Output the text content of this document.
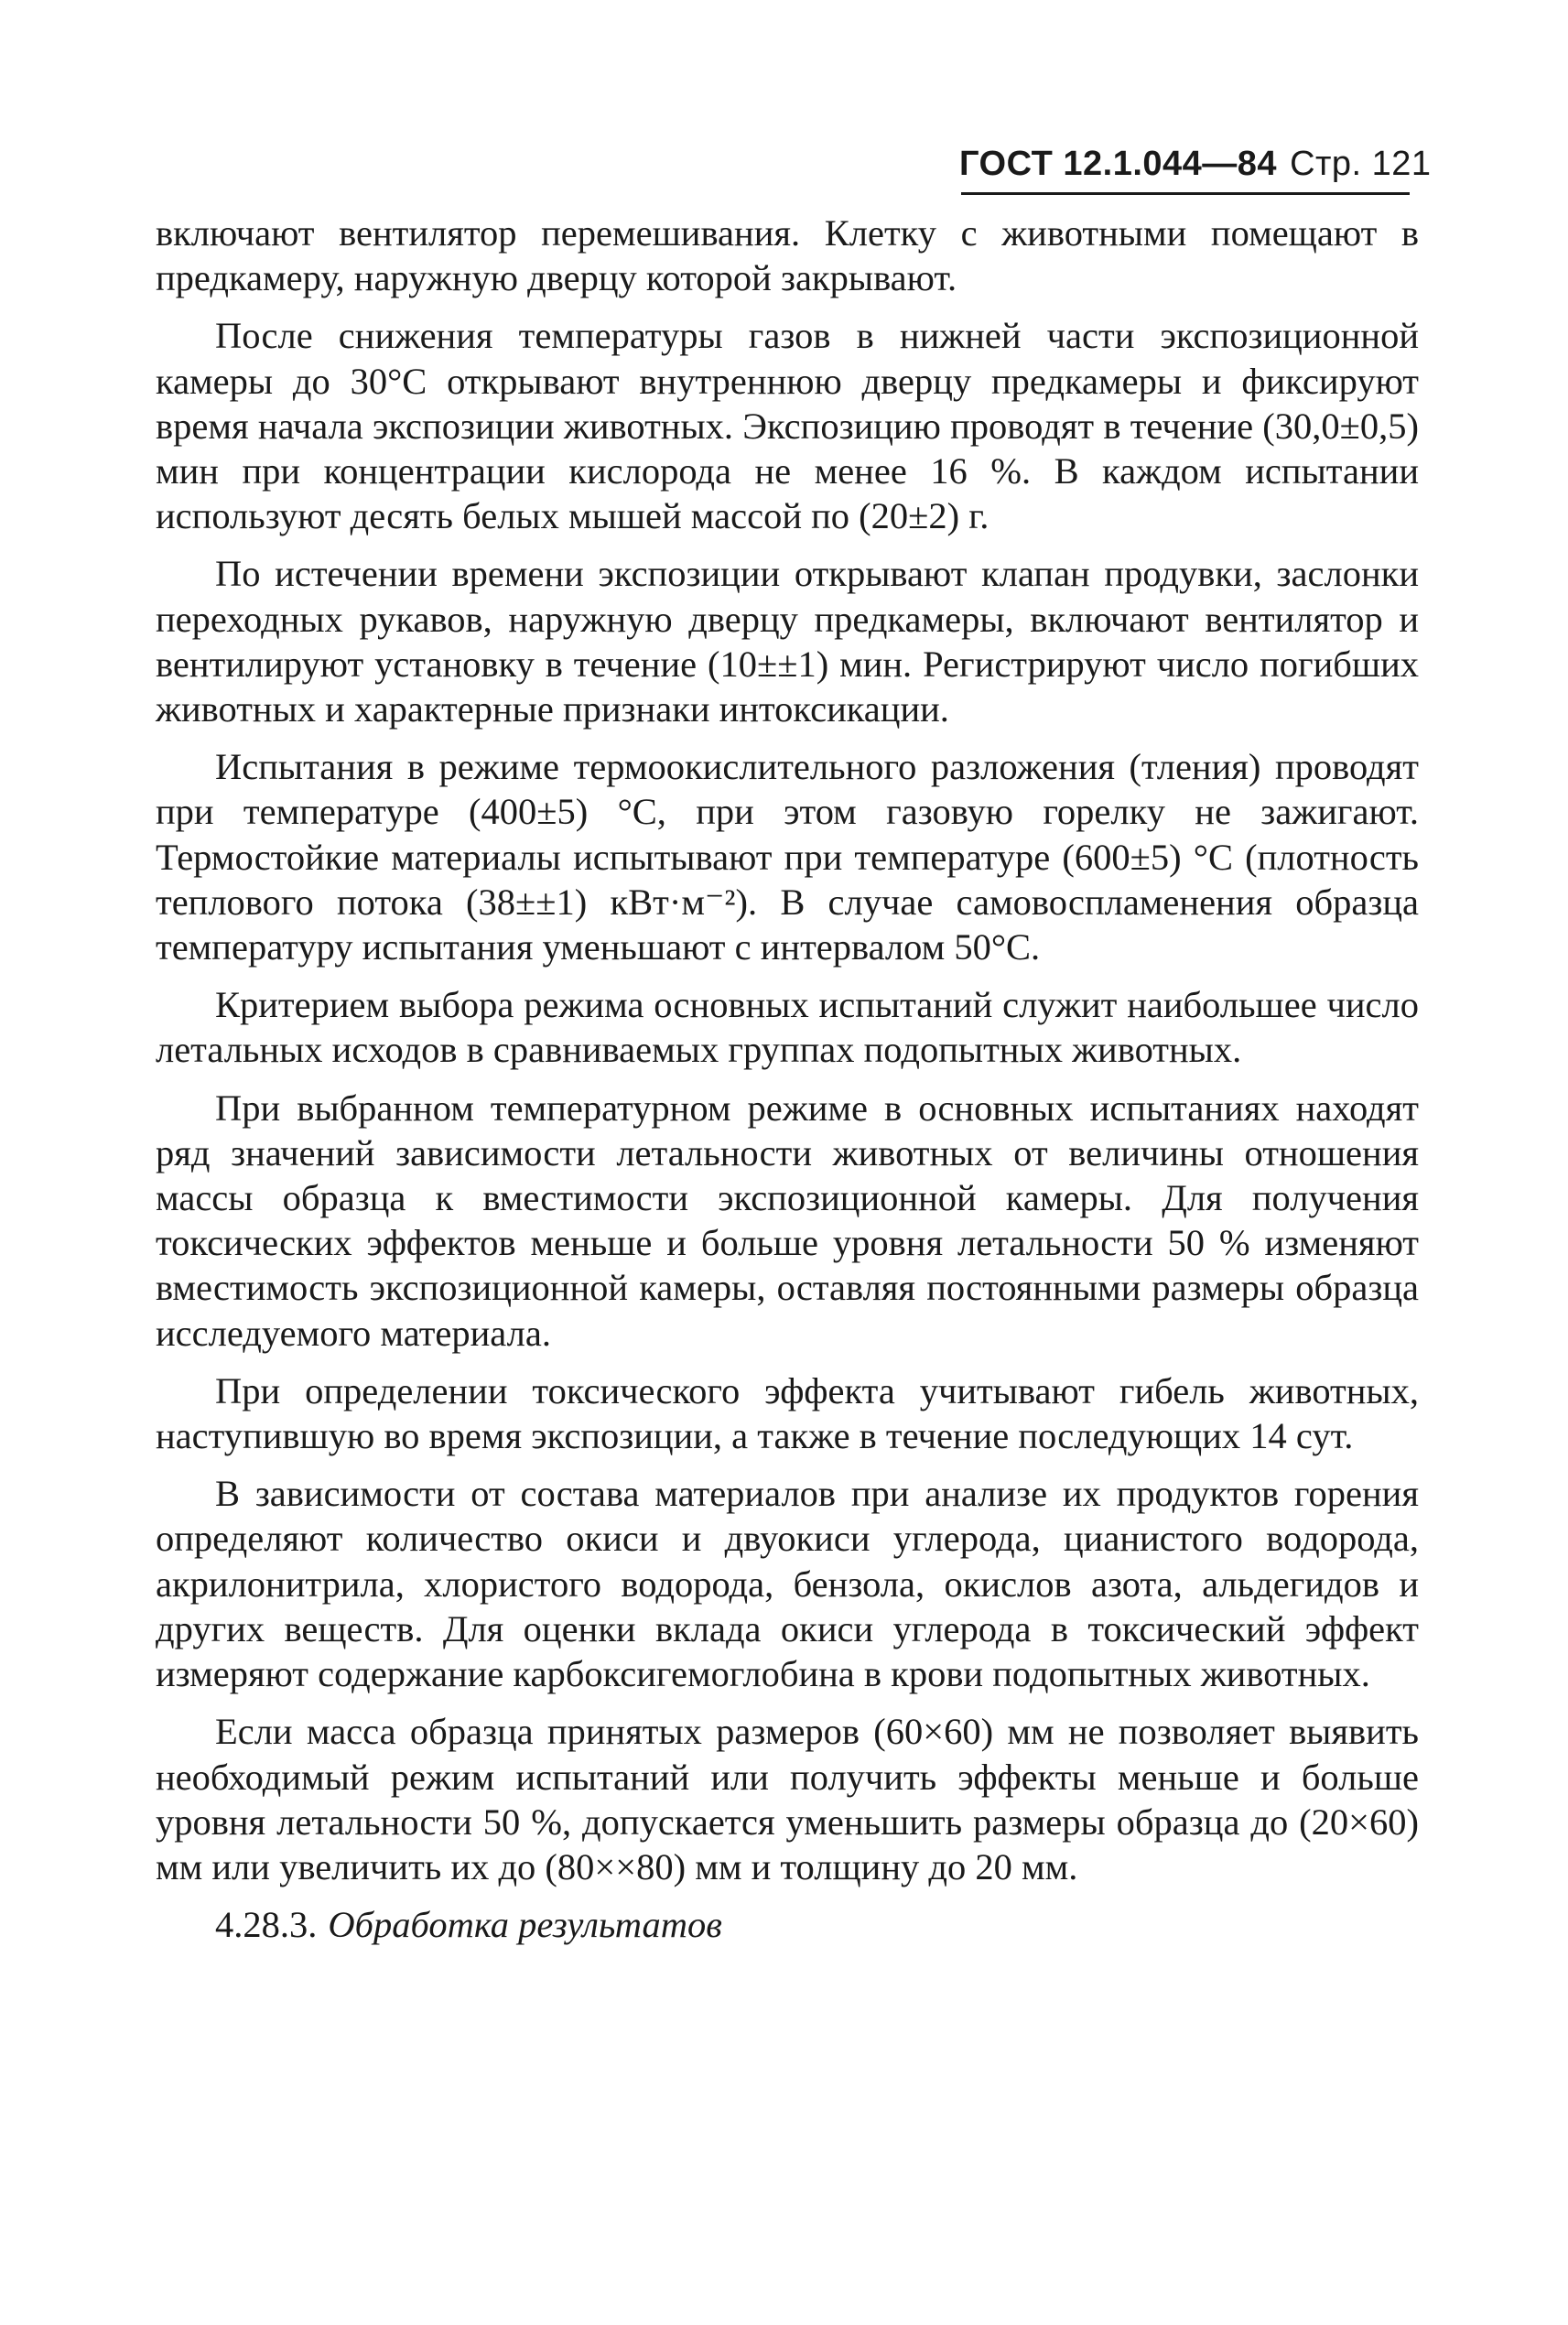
ГОСТ 12.1.044—84 Стр. 121

включают вентилятор перемешивания. Клетку с животными помещают в предкамеру, наружную дверцу которой закрывают.

После снижения температуры газов в нижней части экспозиционной камеры до 30°С открывают внутреннюю дверцу предкамеры и фиксируют время начала экспозиции животных. Экспозицию проводят в течение (30,0±0,5) мин при концентрации кислорода не менее 16 %. В каждом испытании используют десять белых мышей массой по (20±2) г.

По истечении времени экспозиции открывают клапан продувки, заслонки переходных рукавов, наружную дверцу предкамеры, включают вентилятор и вентилируют установку в течение (10±±1) мин. Регистрируют число погибших животных и характерные признаки интоксикации.

Испытания в режиме термоокислительного разложения (тления) проводят при температуре (400±5) °С, при этом газовую горелку не зажигают. Термостойкие материалы испытывают при температуре (600±5) °С (плотность теплового потока (38±±1) кВт·м⁻²). В случае самовоспламенения образца температуру испытания уменьшают с интервалом 50°С.

Критерием выбора режима основных испытаний служит наибольшее число летальных исходов в сравниваемых группах подопытных животных.

При выбранном температурном режиме в основных испытаниях находят ряд значений зависимости летальности животных от величины отношения массы образца к вместимости экспозиционной камеры. Для получения токсических эффектов меньше и больше уровня летальности 50 % изменяют вместимость экспозиционной камеры, оставляя постоянными размеры образца исследуемого материала.

При определении токсического эффекта учитывают гибель животных, наступившую во время экспозиции, а также в течение последующих 14 сут.

В зависимости от состава материалов при анализе их продуктов горения определяют количество окиси и двуокиси углерода, цианистого водорода, акрилонитрила, хлористого водорода, бензола, окислов азота, альдегидов и других веществ. Для оценки вклада окиси углерода в токсический эффект измеряют содержание карбоксигемоглобина в крови подопытных животных.

Если масса образца принятых размеров (60×60) мм не позволяет выявить необходимый режим испытаний или получить эффекты меньше и больше уровня летальности 50 %, допускается уменьшить размеры образца до (20×60) мм или увеличить их до (80××80) мм и толщину до 20 мм.

4.28.3. Обработка результатов
